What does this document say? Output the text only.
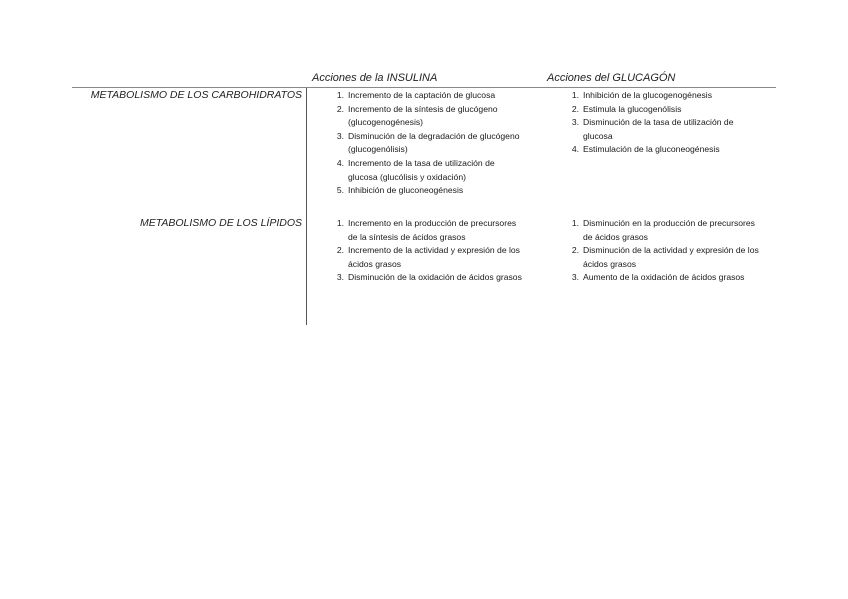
Acciones de la INSULINA	Acciones del GLUCAGÓN
METABOLISMO DE LOS CARBOHIDRATOS
METABOLISMO DE LOS LÍPIDOS
1. Incremento de la captación de glucosa
2. Incremento de la síntesis de glucógeno (glucogenogénesis)
3. Disminución de la degradación de glucógeno (glucogenólisis)
4. Incremento de la tasa de utilización de glucosa (glucólisis y oxidación)
5. Inhibición de gluconeogénesis
1. Inhibición de la glucogenogénesis
2. Estimula la glucogenólisis
3. Disminución de la tasa de utilización de glucosa
4. Estimulación de la gluconeogénesis
1. Incremento en la producción de precursores de la síntesis de ácidos grasos
2. Incremento de la actividad y expresión de los ácidos grasos
3. Disminución de la oxidación de ácidos grasos
1. Disminución en la producción de precursores de ácidos grasos
2. Disminución de la actividad y expresión de los ácidos grasos
3. Aumento de la oxidación de ácidos grasos
